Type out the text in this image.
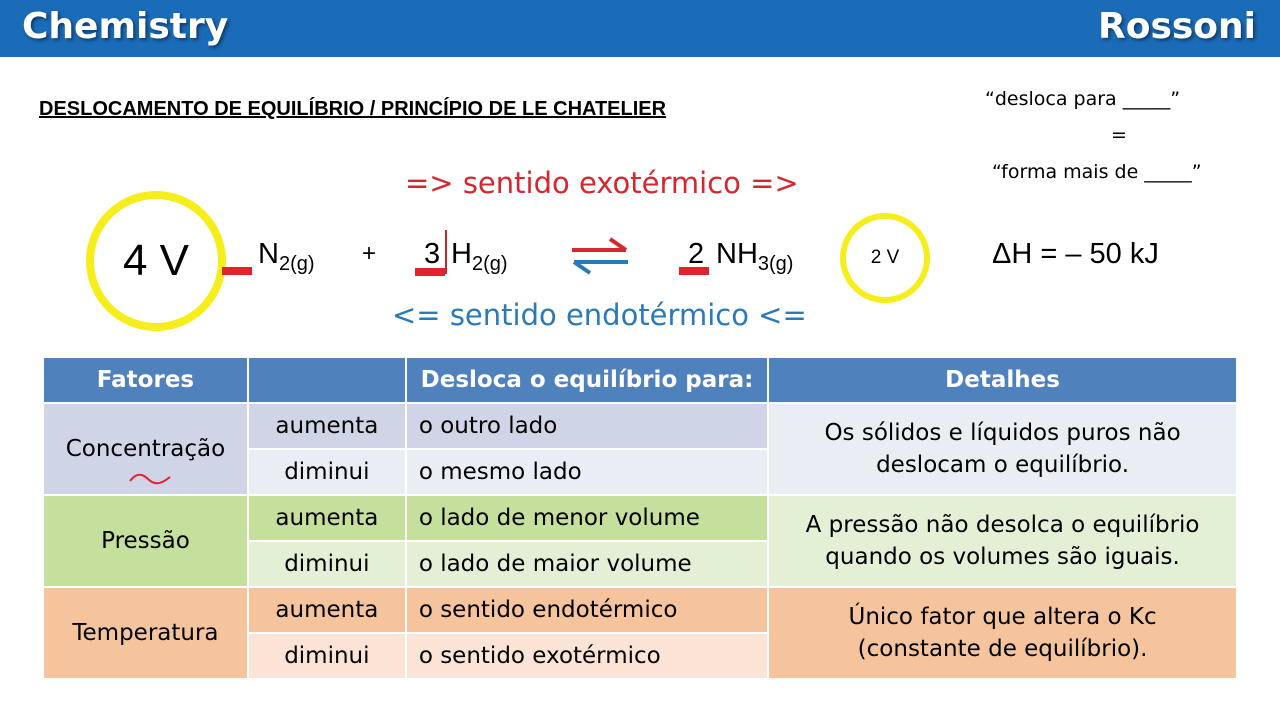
Chemistry	Rossoni
DESLOCAMENTO DE EQUILÍBRIO / PRINCÍPIO DE LE CHATELIER	“desloca para _____”
=
“forma mais de _____”
=> sentido exotérmico =>
<= sentido endotérmico <=
4 V $N_{2(g)} + 3$ $H_{2(g)}$	2 $NH_{3(g)}$	2 V	ΔH = – 50 kJ
Fatores		Desloca o equilíbrio para:	Detalhes
Concentração	aumenta	o outro lado	Os sólidos e líquidos puros não
deslocam o equilíbrio.

	diminui	o mesmo lado	
Pressão	aumenta	o lado de menor volume	A pressão não desolca o equilíbrio
quando os volumes são iguais.

	diminui	o lado de maior volume	
Temperatura	aumenta	o sentido endotérmico	Único fator que altera o Kc
(constante de equilíbrio).

	diminui	o sentido exotérmico	
